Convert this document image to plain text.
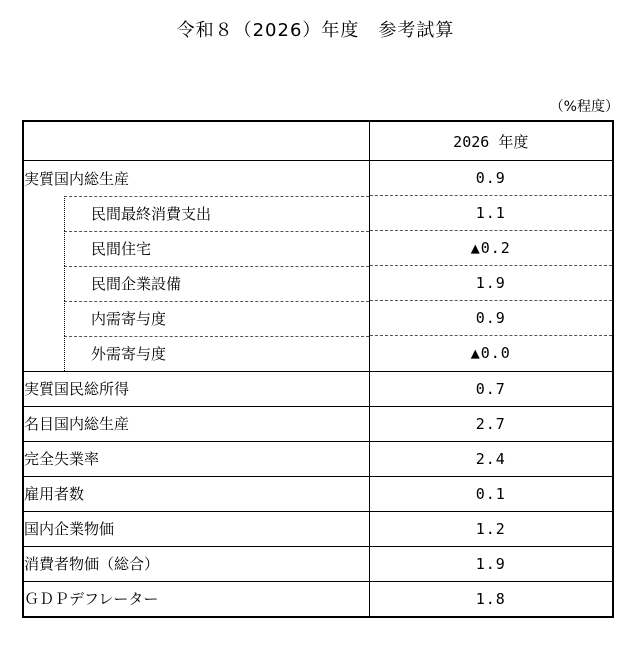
令和８（2026）年度　参考試算
（%程度）
	2026 年度
実質国内総生産	0.9

民間最終消費支出	1.1

民間住宅	▲0.2

民間企業設備	1.9

内需寄与度	0.9

外需寄与度	▲0.0
実質国民総所得	0.7
名目国内総生産	2.7
完全失業率	2.4
雇用者数	0.1
国内企業物価	1.2
消費者物価（総合）	1.9
ＧＤＰデフレーター	1.8
